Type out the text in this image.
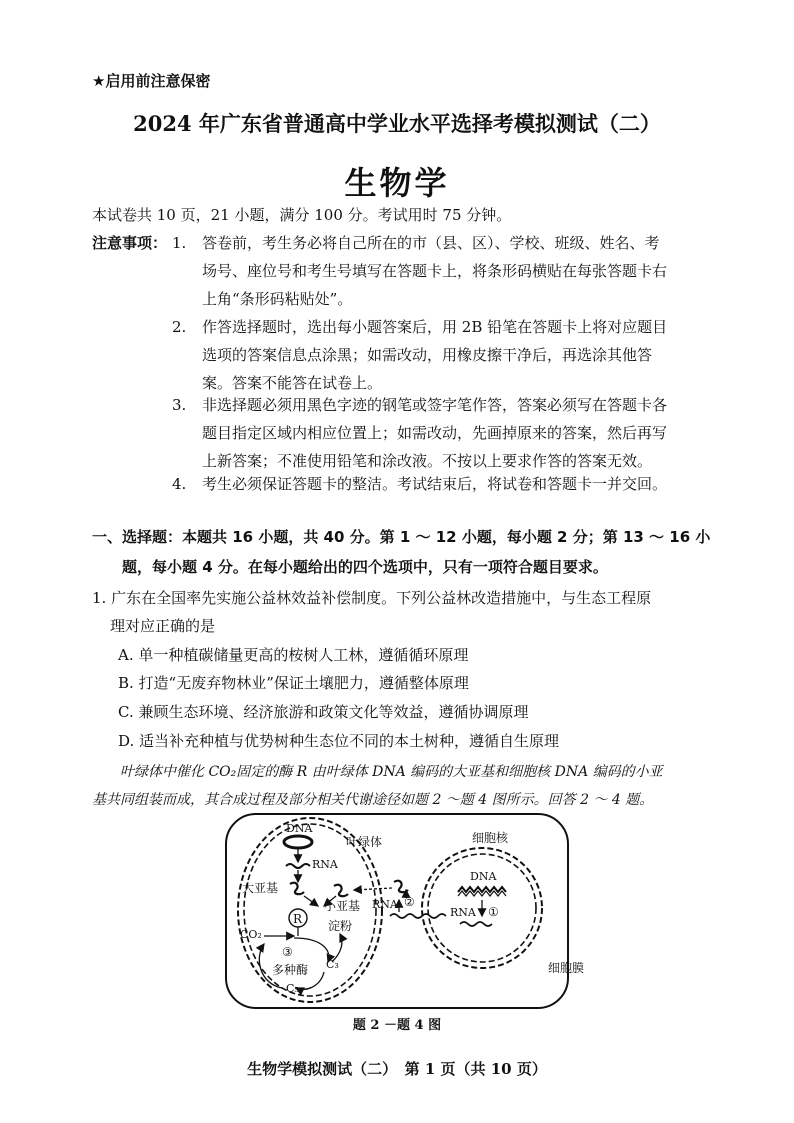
★启用前注意保密
2024 年广东省普通高中学业水平选择考模拟测试（二）
生物学
本试卷共 10 页，21 小题，满分 100 分。考试用时 75 分钟。
注意事项： 1. 答卷前，考生务必将自己所在的市（县、区）、学校、班级、姓名、考
场号、座位号和考生号填写在答题卡上，将条形码横贴在每张答题卡右
上角“条形码粘贴处”。
2. 作答选择题时，选出每小题答案后，用 2B 铅笔在答题卡上将对应题目
选项的答案信息点涂黑；如需改动，用橡皮擦干净后，再选涂其他答
案。答案不能答在试卷上。
3. 非选择题必须用黑色字迹的钢笔或签字笔作答，答案必须写在答题卡各
题目指定区域内相应位置上；如需改动，先画掉原来的答案，然后再写
上新答案；不准使用铅笔和涂改液。不按以上要求作答的答案无效。
4. 考生必须保证答题卡的整洁。考试结束后，将试卷和答题卡一并交回。
一、选择题：本题共 16 小题，共 40 分。第 1 ～ 12 小题，每小题 2 分；第 13 ～ 16 小
题，每小题 4 分。在每小题给出的四个选项中，只有一项符合题目要求。
1. 广东在全国率先实施公益林效益补偿制度。下列公益林改造措施中，与生态工程原
理对应正确的是
A. 单一种植碳储量更高的桉树人工林，遵循循环原理
B. 打造“无废弃物林业”保证土壤肥力，遵循整体原理
C. 兼顾生态环境、经济旅游和政策文化等效益，遵循协调原理
D. 适当补充种植与优势树种生态位不同的本土树种，遵循自生原理
叶绿体中催化 CO₂固定的酶 R 由叶绿体 DNA 编码的大亚基和细胞核 DNA 编码的小亚
基共同组装而成，其合成过程及部分相关代谢途径如题 2 ～题 4 图所示。回答 2 ～ 4 题。
DNA
叶绿体
RNA
大亚基
小亚基
R 淀粉
CO₂
③
多种酶
C₅
C₃
RNA ②
细胞核
DNA
RNA ①
细胞膜
题 2 －题 4 图
生物学模拟测试（二）　第 1 页（共 10 页）
